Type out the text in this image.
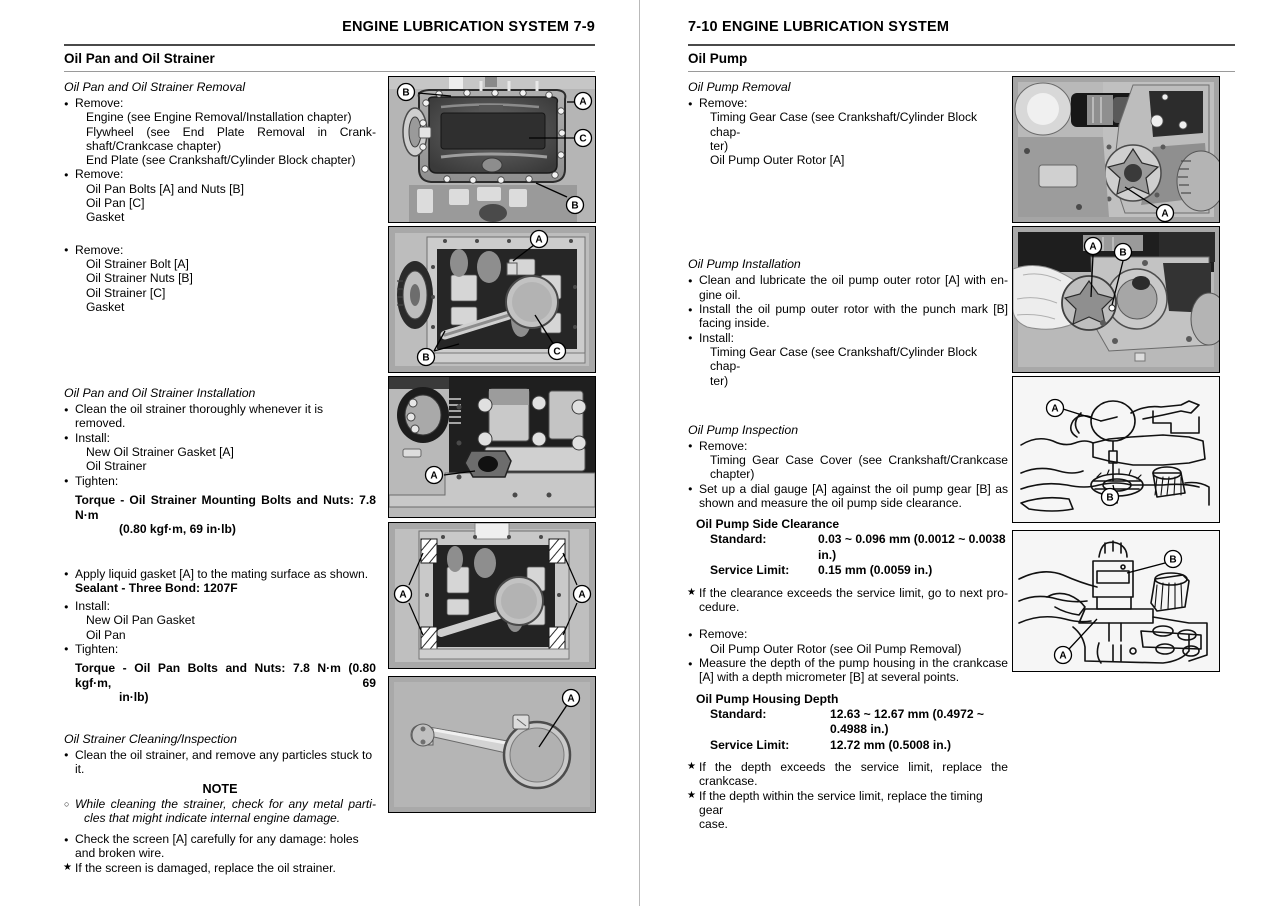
ENGINE LUBRICATION SYSTEM 7-9
Oil Pan and Oil Strainer
Oil Pan and Oil Strainer Removal
● Remove:
Engine (see Engine Removal/Installation chapter)
Flywheel (see End Plate Removal in Crank-
shaft/Crankcase chapter)
End Plate (see Crankshaft/Cylinder Block chapter)
● Remove:
Oil Pan Bolts [A] and Nuts [B]
Oil Pan [C]
Gasket
● Remove:
Oil Strainer Bolt [A]
Oil Strainer Nuts [B]
Oil Strainer [C]
Gasket
Oil Pan and Oil Strainer Installation
● Clean the oil strainer thoroughly whenever it is removed.
● Install:
New Oil Strainer Gasket [A]
Oil Strainer
● Tighten:
Torque - Oil Strainer Mounting Bolts and Nuts: 7.8 N·m
(0.80 kgf·m, 69 in·lb)
● Apply liquid gasket [A] to the mating surface as shown.
Sealant - Three Bond: 1207F
● Install:
New Oil Pan Gasket
Oil Pan
● Tighten:
Torque - Oil Pan Bolts and Nuts: 7.8 N·m (0.80 kgf·m, 69
in·lb)
Oil Strainer Cleaning/Inspection
● Clean the oil strainer, and remove any particles stuck to it.
NOTE
○ While cleaning the strainer, check for any metal parti-
cles that might indicate internal engine damage.
● Check the screen [A] carefully for any damage: holes and broken wire.
★ If the screen is damaged, replace the oil strainer.
B
A
C
B
A
C
B
A
A	A
A
7-10 ENGINE LUBRICATION SYSTEM
Oil Pump
Oil Pump Removal
● Remove:
Timing Gear Case (see Crankshaft/Cylinder Block chap-
ter)
Oil Pump Outer Rotor [A]
Oil Pump Installation
● Clean and lubricate the oil pump outer rotor [A] with en-
gine oil.
● Install the oil pump outer rotor with the punch mark [B]
facing inside.
● Install:
Timing Gear Case (see Crankshaft/Cylinder Block chap-
ter)
Oil Pump Inspection
● Remove:
Timing Gear Case Cover (see Crankshaft/Crankcase
chapter)
● Set up a dial gauge [A] against the oil pump gear [B] as
shown and measure the oil pump side clearance.
Oil Pump Side Clearance
Standard:	0.03 ~ 0.096 mm (0.0012 ~ 0.0038 in.)
Service Limit:	0.15 mm (0.0059 in.)
★ If the clearance exceeds the service limit, go to next pro-
cedure.
● Remove:
Oil Pump Outer Rotor (see Oil Pump Removal)
● Measure the depth of the pump housing in the crankcase
[A] with a depth micrometer [B] at several points.
Oil Pump Housing Depth
Standard:	12.63 ~ 12.67 mm (0.4972 ~ 0.4988 in.)
Service Limit:	12.72 mm (0.5008 in.)
★ If the depth exceeds the service limit, replace the
crankcase.
★ If the depth within the service limit, replace the timing gear
case.
A
A
B
A
B
B
A
